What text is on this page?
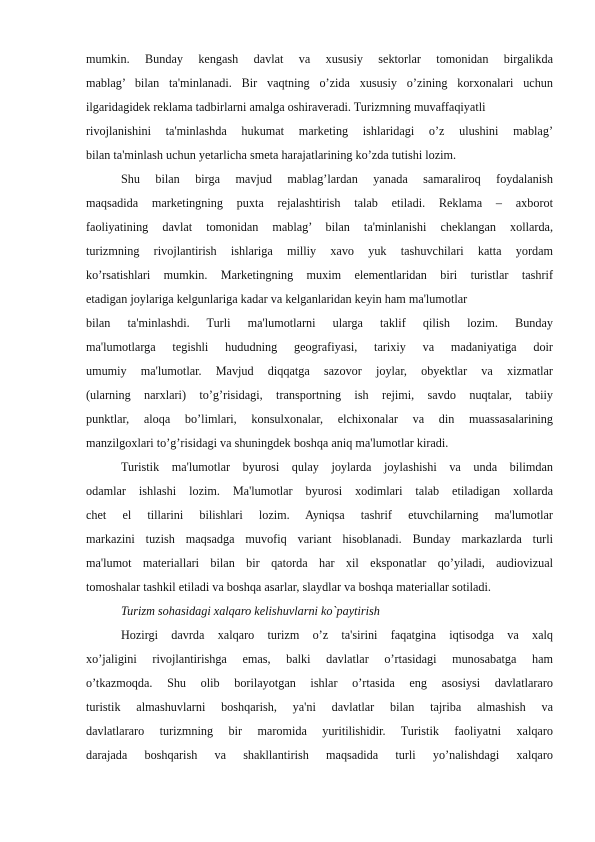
mumkin. Bunday kengash davlat va xususiy sektorlar tomonidan birgalikda
mablag’ bilan ta'minlanadi. Bir vaqtning o’zida xususiy o’zining korxonalari uchun
ilgaridagidek reklama tadbirlarni amalga oshiraveradi. Turizmning muvaffaqiyatli
rivojlanishini ta'minlashda hukumat marketing ishlaridagi o’z ulushini mablag’
bilan ta'minlash uchun yetarlicha smeta harajatlarining ko’zda tutishi lozim.
Shu bilan birga mavjud mablag’lardan yanada samaraliroq foydalanish
maqsadida marketingning puxta rejalashtirish talab etiladi. Reklama – axborot
faoliyatining davlat tomonidan mablag’ bilan ta'minlanishi cheklangan xollarda,
turizmning rivojlantirish ishlariga milliy xavo yuk tashuvchilari katta yordam
ko’rsatishlari mumkin. Marketingning muxim elementlaridan biri turistlar tashrif
etadigan joylariga kelgunlariga kadar va kelganlaridan keyin ham ma'lumotlar
bilan ta'minlashdi. Turli ma'lumotlarni ularga taklif qilish lozim. Bunday
ma'lumotlarga tegishli hududning geografiyasi, tarixiy va madaniyatiga doir
umumiy ma'lumotlar. Mavjud diqqatga sazovor joylar, obyektlar va xizmatlar
(ularning narxlari) to’g’risidagi, transportning ish rejimi, savdo nuqtalar, tabiiy
punktlar, aloqa bo’limlari, konsulxonalar, elchixonalar va din muassasalarining
manzilgoxlari to’g’risidagi va shuningdek boshqa aniq ma'lumotlar kiradi.
Turistik ma'lumotlar byurosi qulay joylarda joylashishi va unda bilimdan
odamlar ishlashi lozim. Ma'lumotlar byurosi xodimlari talab etiladigan xollarda
chet el tillarini bilishlari lozim. Ayniqsa tashrif etuvchilarning ma'lumotlar
markazini tuzish maqsadga muvofiq variant hisoblanadi. Bunday markazlarda turli
ma'lumot materiallari bilan bir qatorda har xil eksponatlar qo’yiladi, audiovizual
tomoshalar tashkil etiladi va boshqa asarlar, slaydlar va boshqa materiallar sotiladi.
Turizm sohasidagi xalqaro kelishuvlarni ko`paytirish
Hozirgi davrda xalqaro turizm o’z ta'sirini faqatgina iqtisodga va xalq
xo’jaligini rivojlantirishga emas, balki davlatlar o’rtasidagi munosabatga ham
o’tkazmoqda. Shu olib borilayotgan ishlar o’rtasida eng asosiysi davlatlararo
turistik almashuvlarni boshqarish, ya'ni davlatlar bilan tajriba almashish va
davlatlararo turizmning bir maromida yuritilishidir. Turistik faoliyatni xalqaro
darajada boshqarish va shakllantirish maqsadida turli yo’nalishdagi xalqaro
